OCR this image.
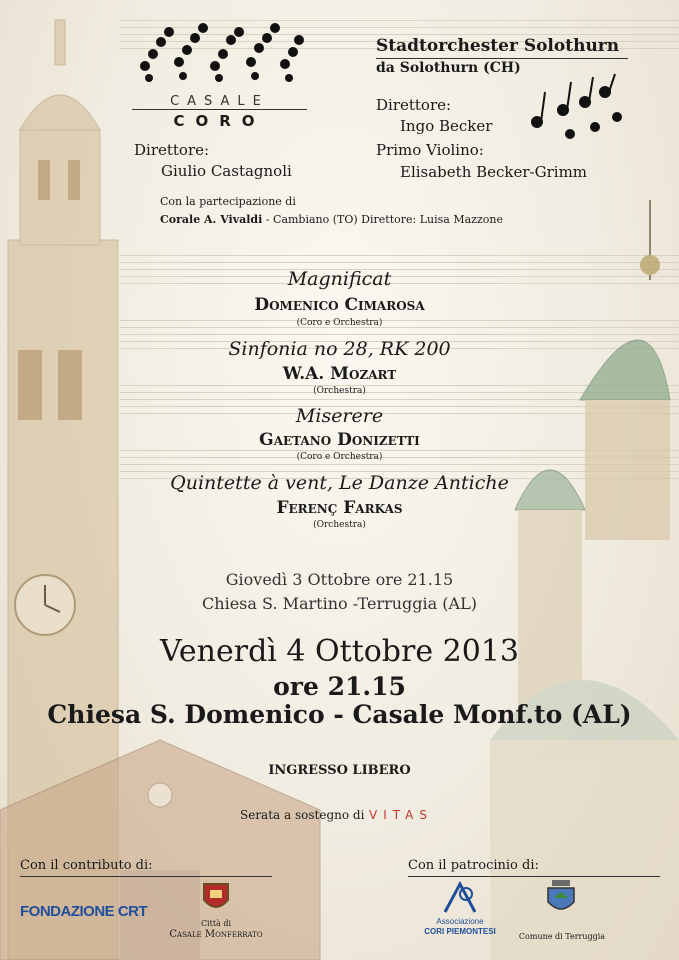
CASALE
CORO
Direttore:
Giulio Castagnoli
Stadtorchester Solothurn
da Solothurn (CH)
Direttore:
Ingo Becker
Primo Violino:
Elisabeth Becker-Grimm
Con la partecipazione di
Corale A. Vivaldi - Cambiano (TO) Direttore: Luisa Mazzone
Magnificat
Domenico Cimarosa
(Coro e Orchestra)
Sinfonia no 28, RK 200
W.A. Mozart
(Orchestra)
Miserere
Gaetano Donizetti
(Coro e Orchestra)
Quintette à vent, Le Danze Antiche
Ferenç Farkas
(Orchestra)
Giovedì 3 Ottobre ore 21.15
Chiesa S. Martino -Terruggia (AL)
Venerdì 4 Ottobre 2013
ore 21.15
Chiesa S. Domenico - Casale Monf.to (AL)
INGRESSO LIBERO
Serata a sostegno di VITAS
Con il contributo di:
FONDAZIONE CRT
Città di
Casale Monferrato
Con il patrocinio di:
Associazione
CORI PIEMONTESI
Comune di Terruggia
